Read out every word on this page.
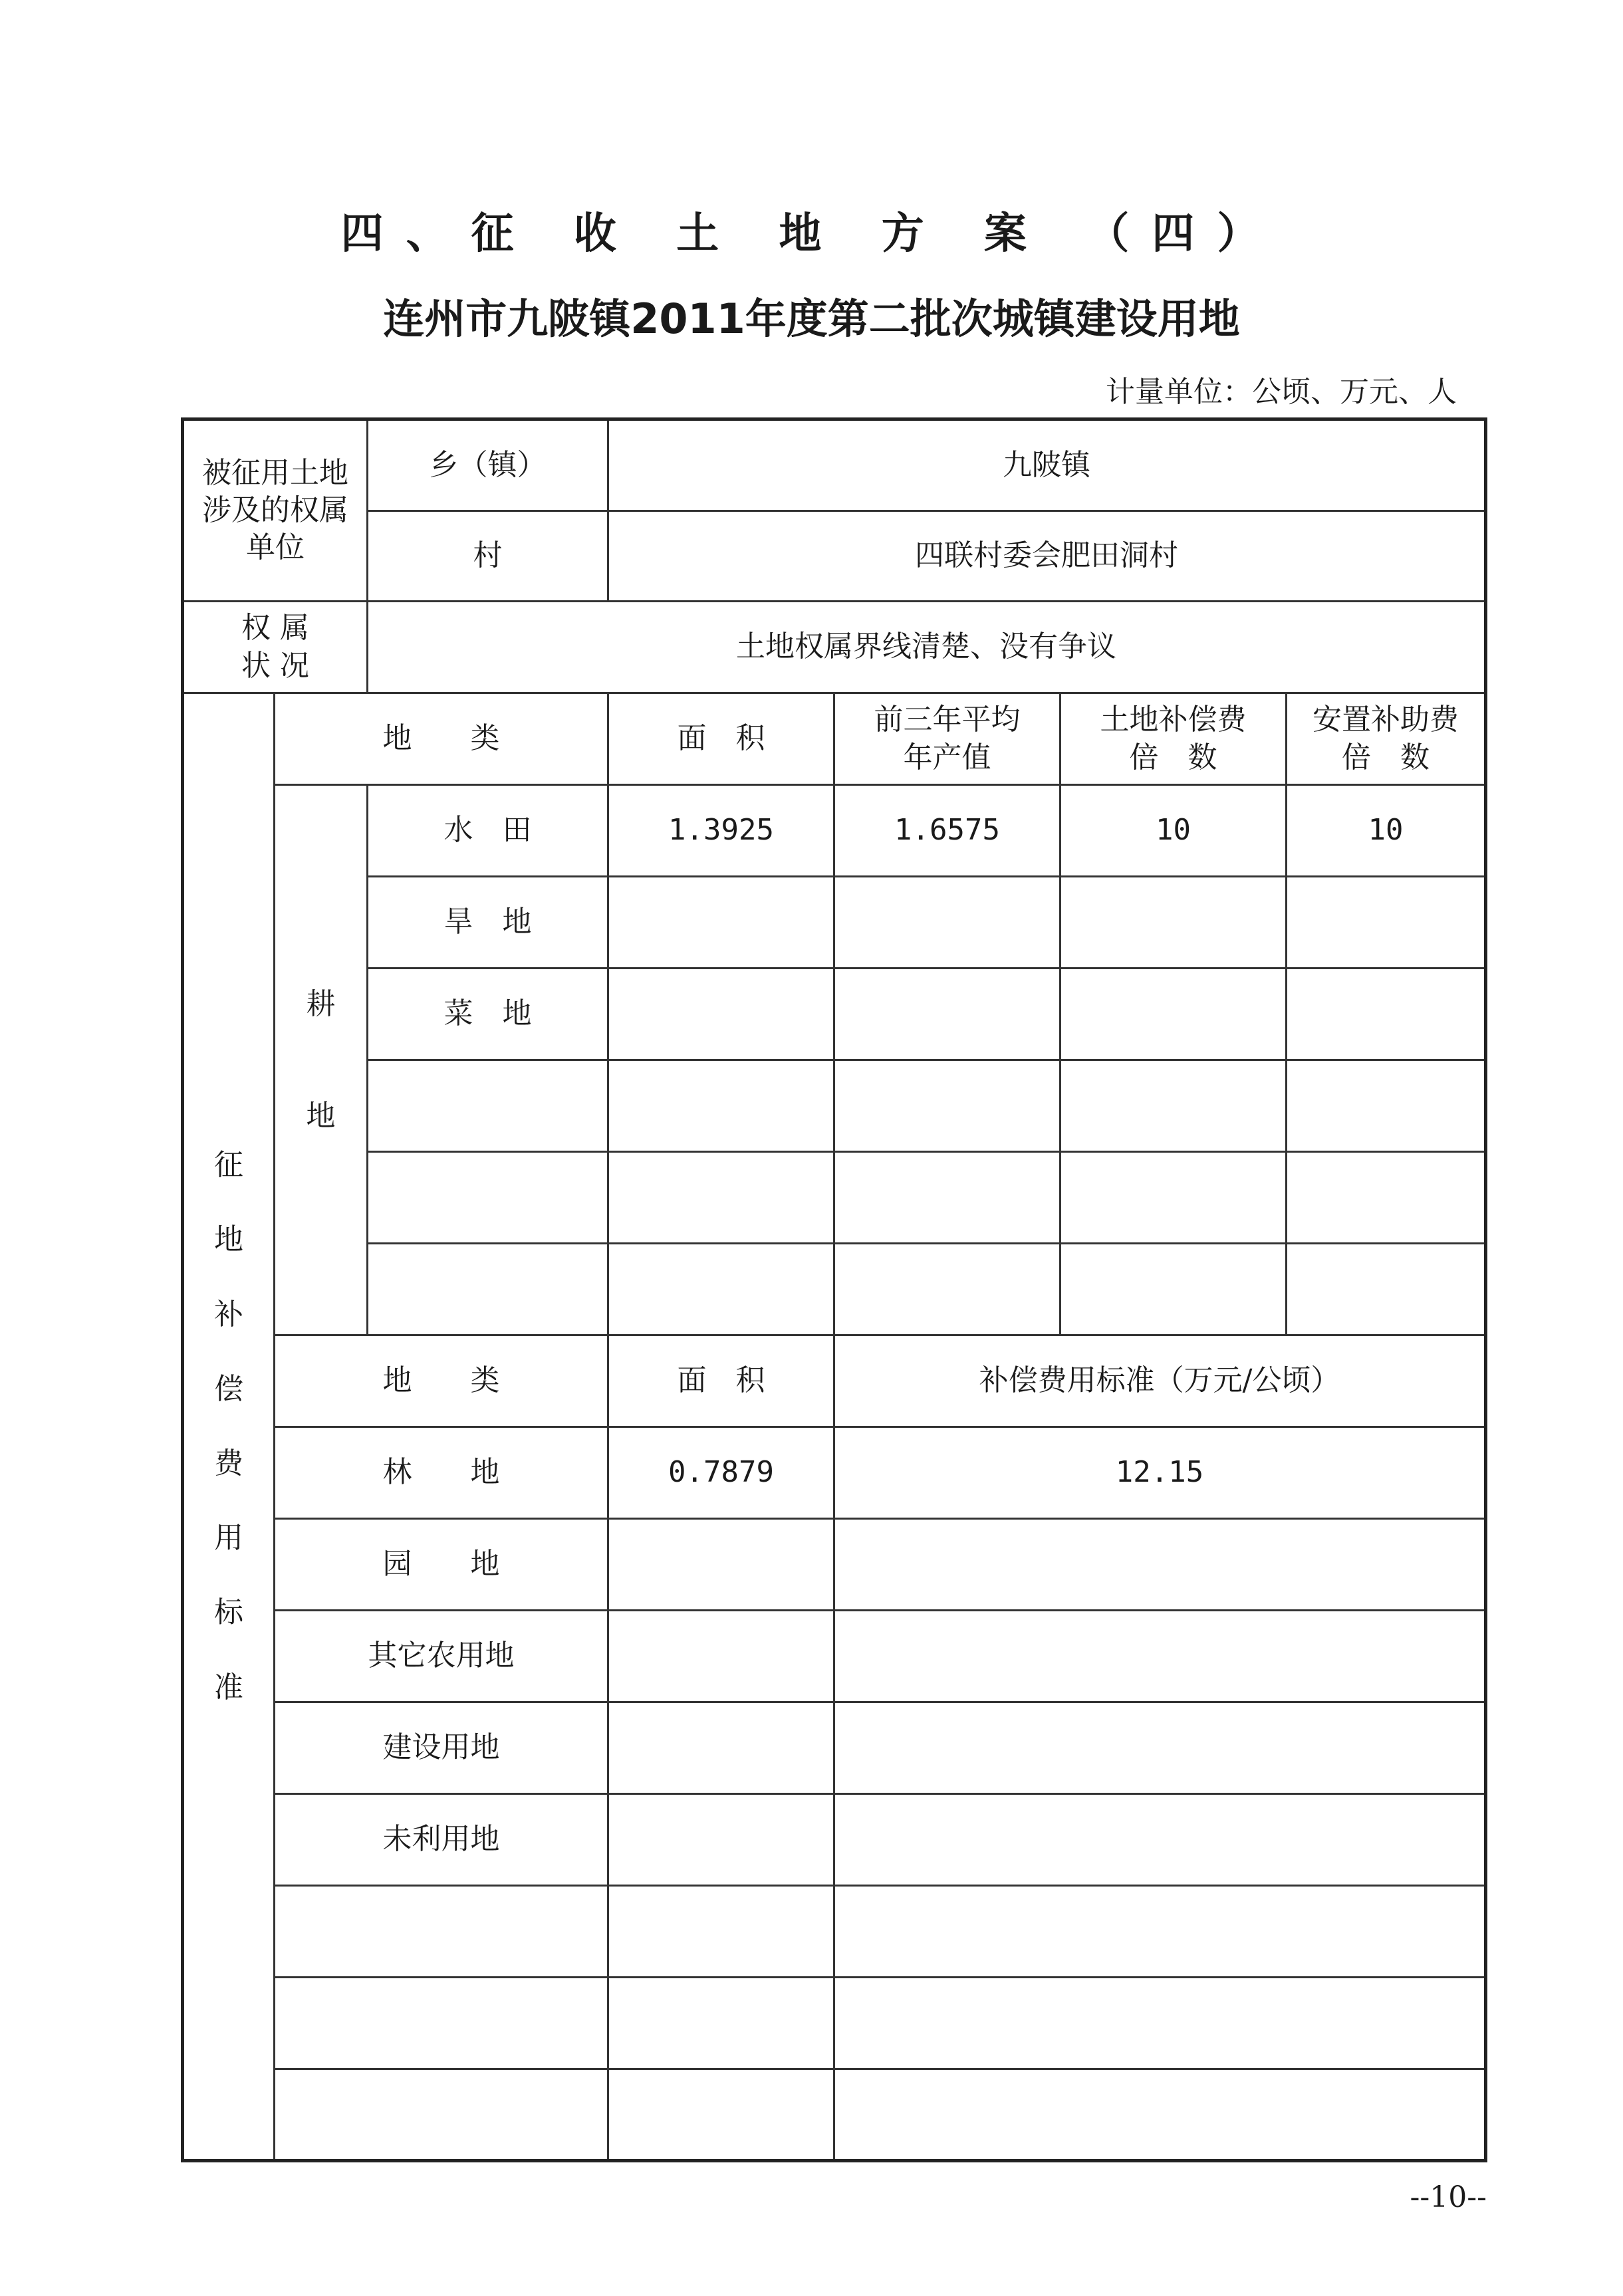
四、征 收 土 地 方 案 （四）
连州市九陂镇2011年度第二批次城镇建设用地
计量单位：公顷、万元、人
被征用土地涉及的权属单位		乡（镇）	九陂镇			
		村	四联村委会肥田洞村			

权 属 状 况		土地权属界线清楚、没有争议				

征地补偿费用标准	地　　类		面　积	前三年平均年产值	土地补偿费倍　数	安置补助费倍　数

	耕地	水　田	1.3925	1.6575	10	10
		旱　地				
		菜　地				

	地　　类		面　积	补偿费用标准（万元/公顷）		
	林　　地		0.7879	12.15		
	园　　地					
	其它农用地					
	建设用地					
	未利用地					

--10--
